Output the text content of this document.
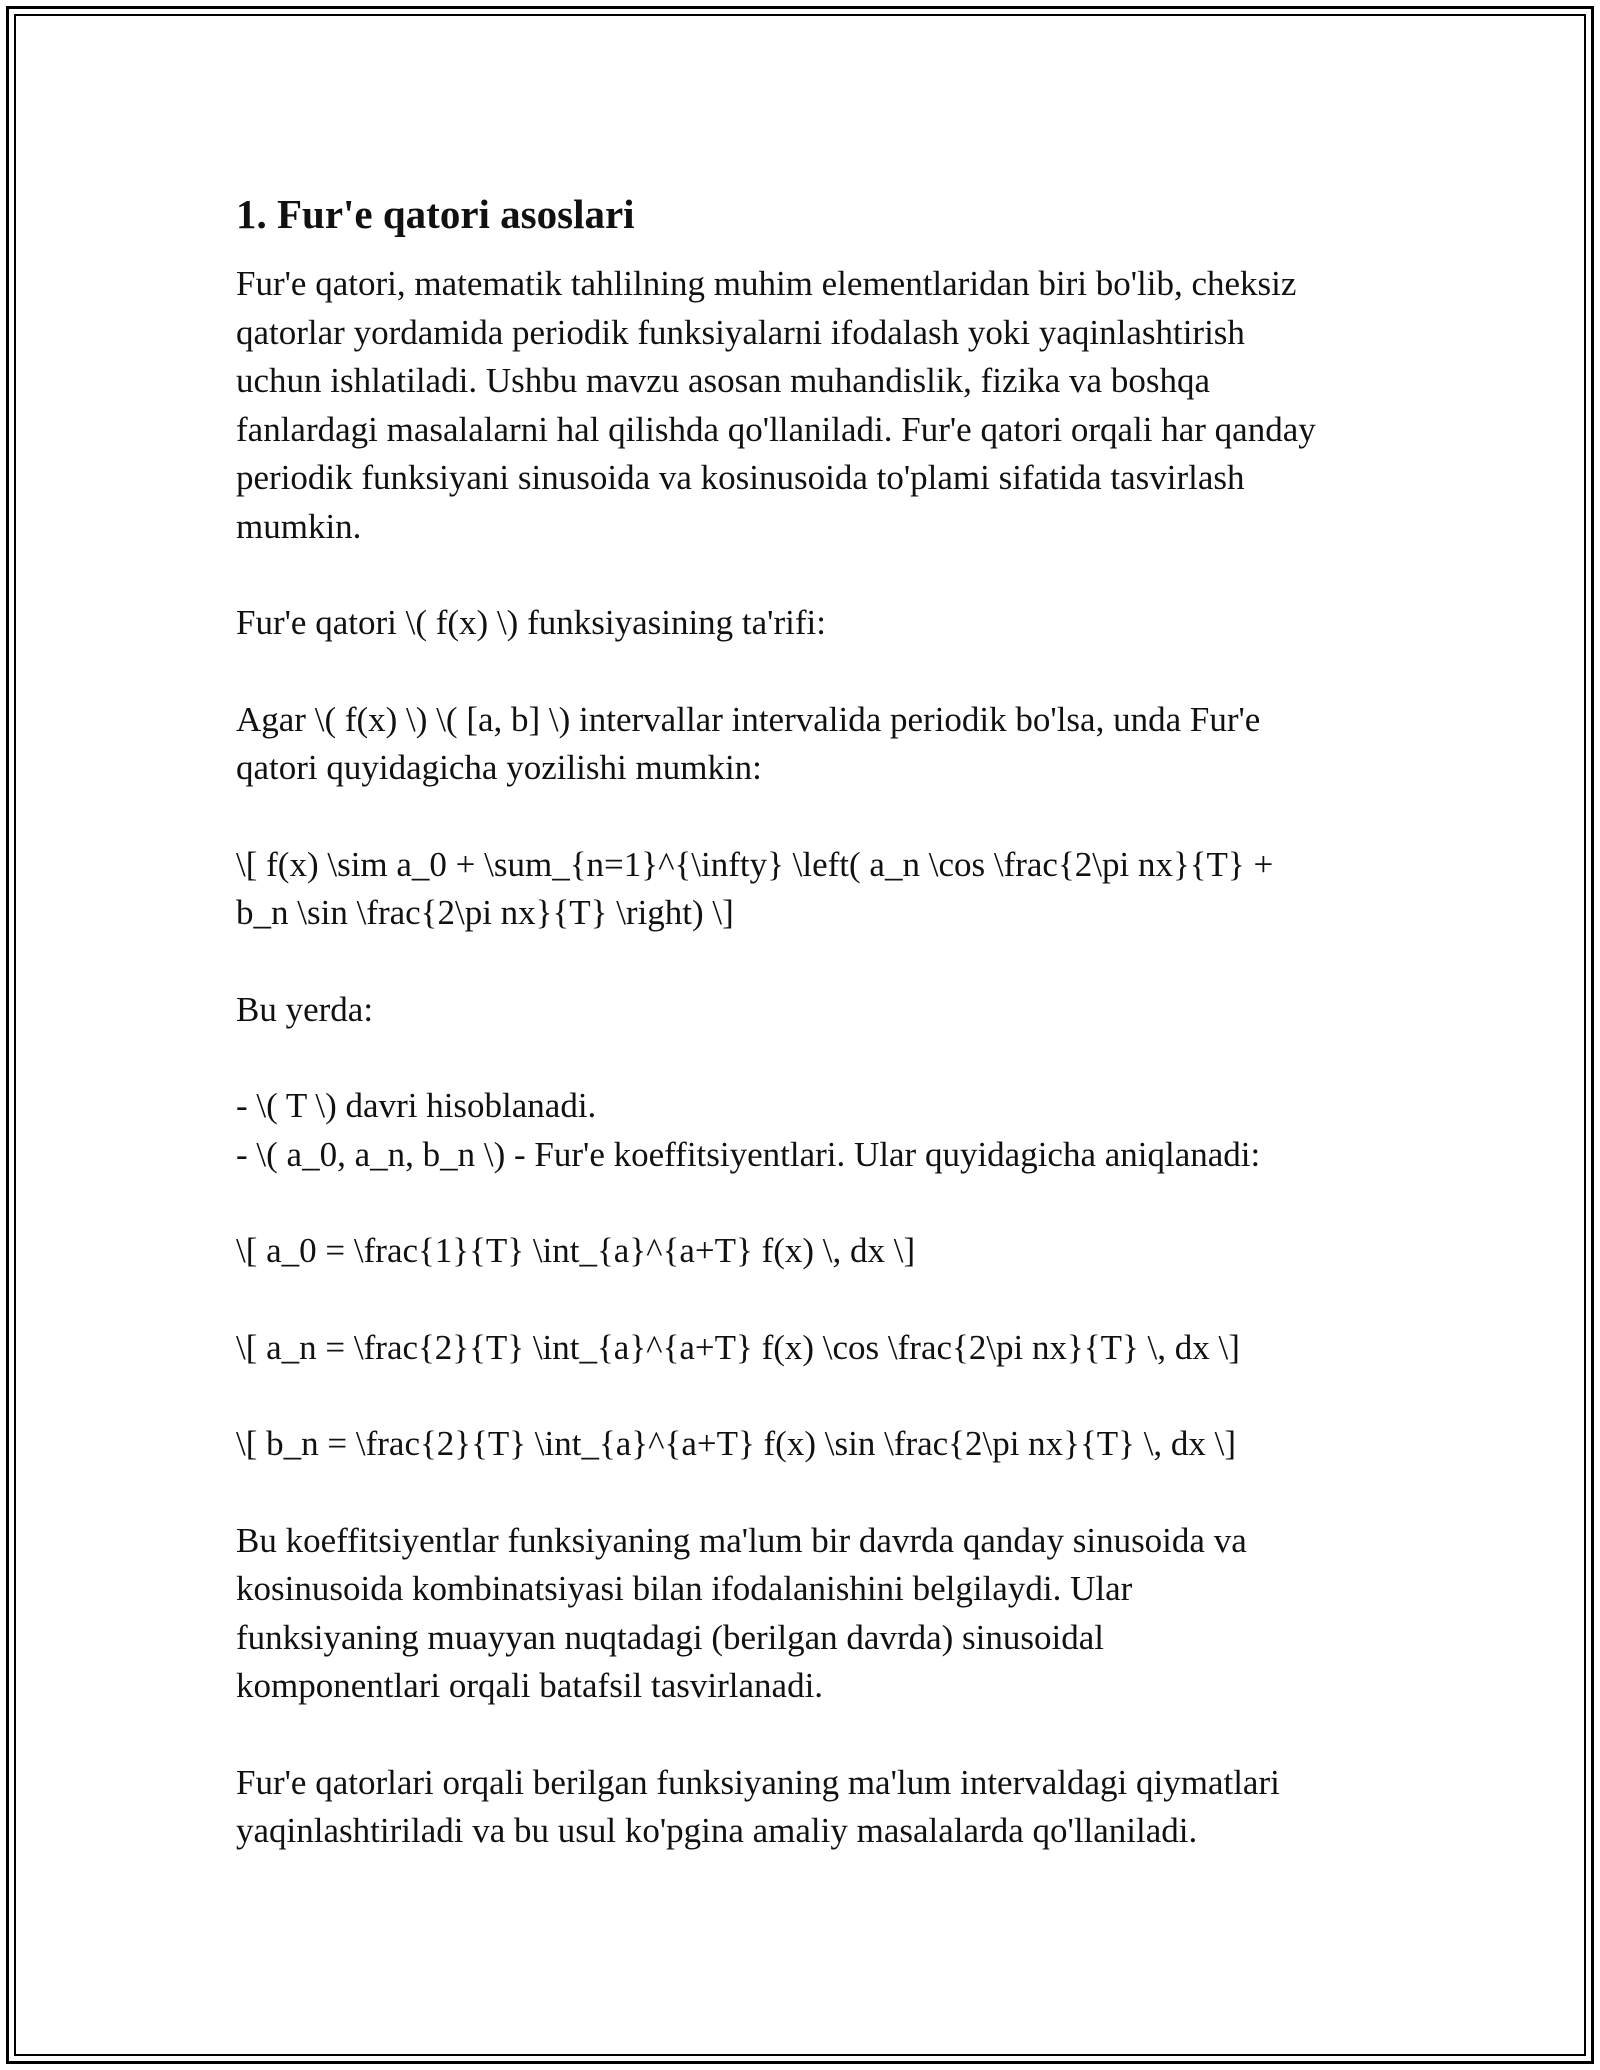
1. Fur'e qatori asoslari

Fur'e qatori, matematik tahlilning muhim elementlaridan biri bo'lib, cheksiz
qatorlar yordamida periodik funksiyalarni ifodalash yoki yaqinlashtirish
uchun ishlatiladi. Ushbu mavzu asosan muhandislik, fizika va boshqa
fanlardagi masalalarni hal qilishda qo'llaniladi. Fur'e qatori orqali har qanday
periodik funksiyani sinusoida va kosinusoida to'plami sifatida tasvirlash
mumkin.

Fur'e qatori \( f(x) \) funksiyasining ta'rifi:

Agar \( f(x) \) \( [a, b] \) intervallar intervalida periodik bo'lsa, unda Fur'e
qatori quyidagicha yozilishi mumkin:

\[ f(x) \sim a_0 + \sum_{n=1}^{\infty} \left( a_n \cos \frac{2\pi nx}{T} +
b_n \sin \frac{2\pi nx}{T} \right) \]

Bu yerda:

- \( T \) davri hisoblanadi.
- \( a_0, a_n, b_n \) - Fur'e koeffitsiyentlari. Ular quyidagicha aniqlanadi:

\[ a_0 = \frac{1}{T} \int_{a}^{a+T} f(x) \, dx \]

\[ a_n = \frac{2}{T} \int_{a}^{a+T} f(x) \cos \frac{2\pi nx}{T} \, dx \]

\[ b_n = \frac{2}{T} \int_{a}^{a+T} f(x) \sin \frac{2\pi nx}{T} \, dx \]

Bu koeffitsiyentlar funksiyaning ma'lum bir davrda qanday sinusoida va
kosinusoida kombinatsiyasi bilan ifodalanishini belgilaydi. Ular
funksiyaning muayyan nuqtadagi (berilgan davrda) sinusoidal
komponentlari orqali batafsil tasvirlanadi.

Fur'e qatorlari orqali berilgan funksiyaning ma'lum intervaldagi qiymatlari
yaqinlashtiriladi va bu usul ko'pgina amaliy masalalarda qo'llaniladi.
